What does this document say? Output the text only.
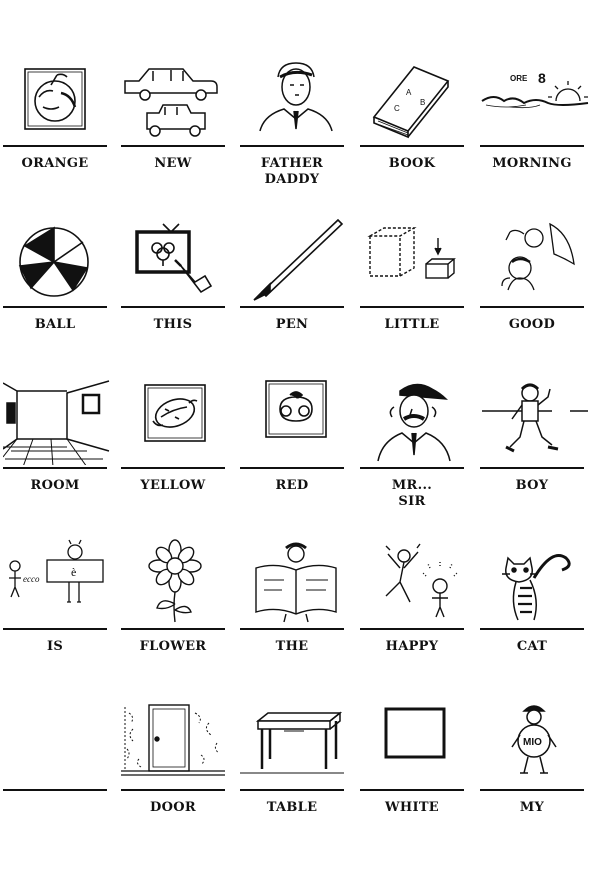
ORANGE	NEW	FATHER
DADDY
A
B
C
BOOK
ORE 8
MORNING
BALL	THIS	PEN	LITTLE	GOOD
ROOM	YELLOW	RED	MR...
SIR
BOY
ecco	è
IS	FLOWER	THE	HAPPY	CAT
DOOR	TABLE	WHITE
MIO
MY
